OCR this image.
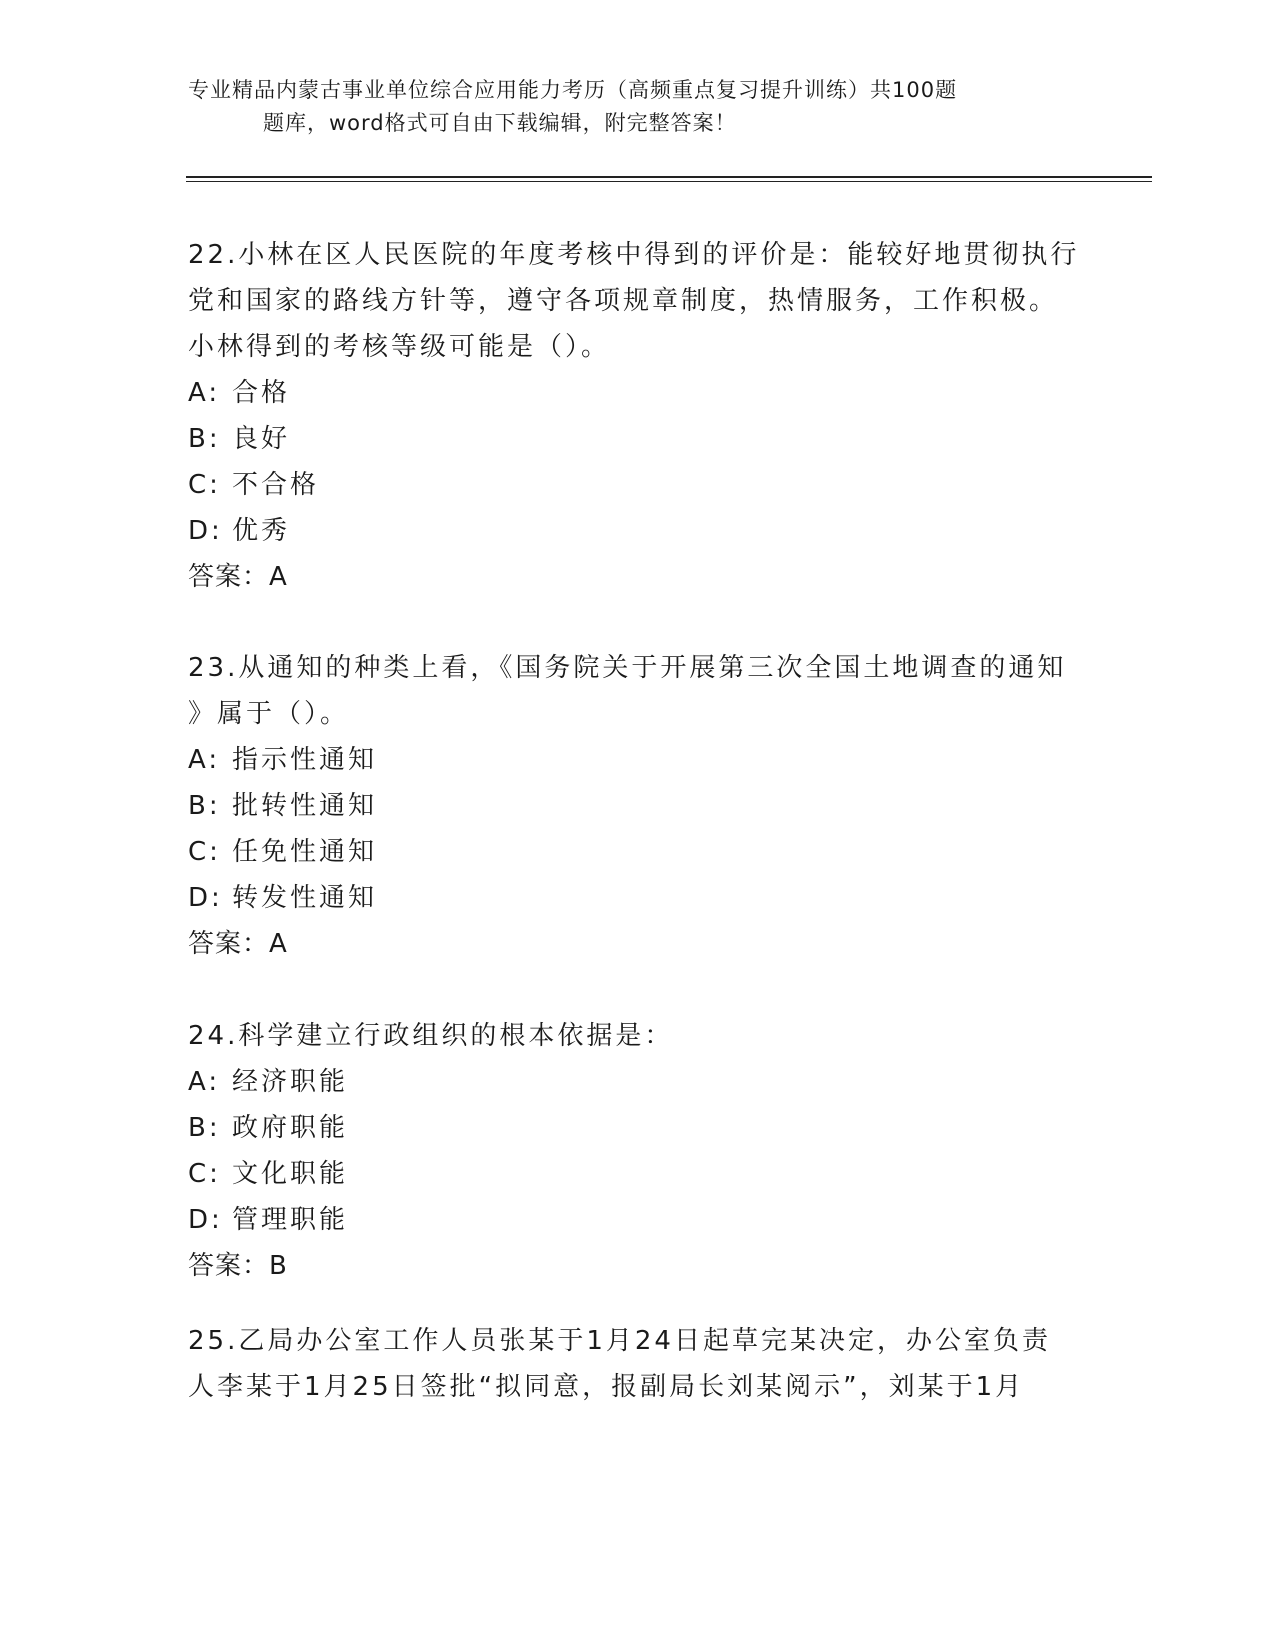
专业精品内蒙古事业单位综合应用能力考历（高频重点复习提升训练）共100题
题库，word格式可自由下载编辑，附完整答案！
22.小林在区人民医院的年度考核中得到的评价是：能较好地贯彻执行
党和国家的路线方针等，遵守各项规章制度，热情服务，工作积极。
小林得到的考核等级可能是（）。
A: 合格
B: 良好
C: 不合格
D: 优秀
答案：A
23.从通知的种类上看，《国务院关于开展第三次全国土地调查的通知
》属于（）。
A: 指示性通知
B: 批转性通知
C: 任免性通知
D: 转发性通知
答案：A
24.科学建立行政组织的根本依据是：
A: 经济职能
B: 政府职能
C: 文化职能
D: 管理职能
答案：B
25.乙局办公室工作人员张某于1月24日起草完某决定，办公室负责
人李某于1月25日签批“拟同意，报副局长刘某阅示”，刘某于1月
